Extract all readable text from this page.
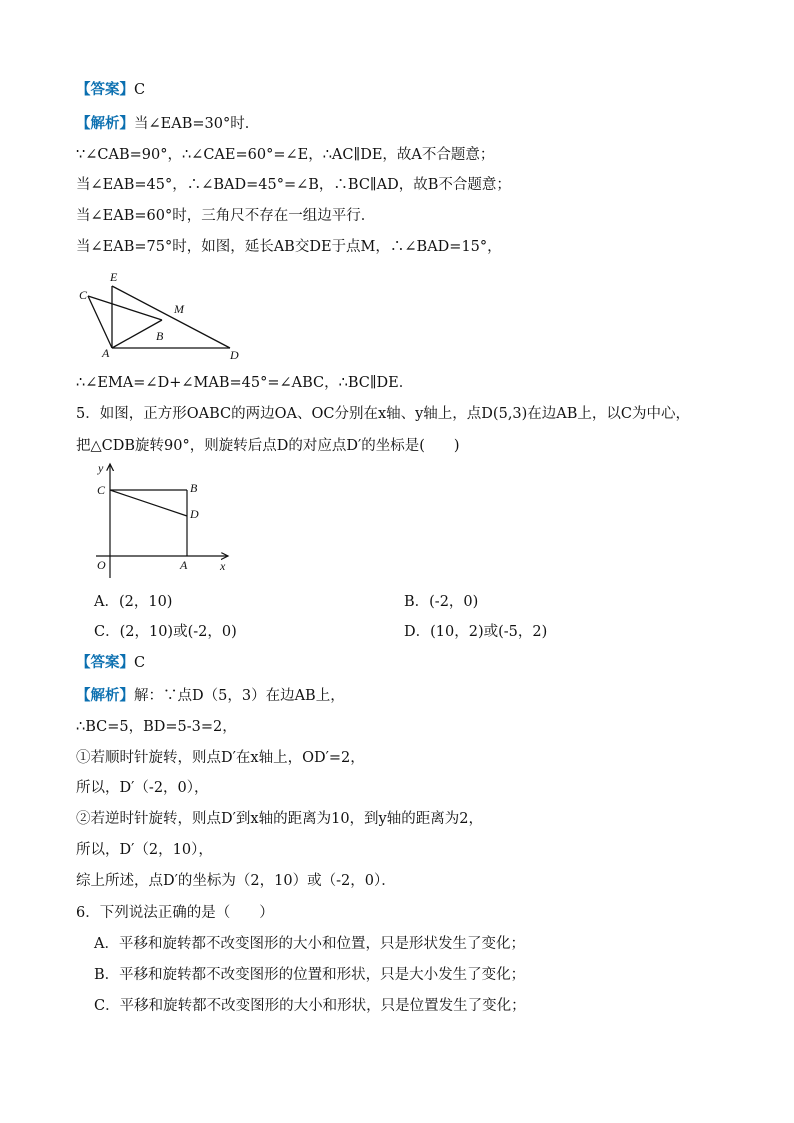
【答案】C
【解析】当∠EAB=30°时．
∵∠CAB=90°，∴∠CAE=60°=∠E，∴AC∥DE，故A不合题意；
当∠EAB=45°，∴∠BAD=45°=∠B，∴BC∥AD，故B不合题意；
当∠EAB=60°时，三角尺不存在一组边平行．
当∠EAB=75°时，如图，延长AB交DE于点M，∴∠BAD=15°，
E
C
M
B
A	D
∴∠EMA=∠D+∠MAB=45°=∠ABC，∴BC∥DE．
5．如图，正方形OABC的两边OA、OC分别在x轴、y轴上，点D(5,3)在边AB上，以C为中心，
把△CDB旋转90°，则旋转后点D的对应点D′的坐标是(　　)
y
x
O	A
B
D
C
A．(2，10)	B．(-2，0)
C．(2，10)或(-2，0)	D．(10，2)或(-5，2)
【答案】C
【解析】解：∵点D（5，3）在边AB上，
∴BC=5，BD=5-3=2，
①若顺时针旋转，则点D′在x轴上，OD′=2，
所以，D′（-2，0），
②若逆时针旋转，则点D′到x轴的距离为10，到y轴的距离为2，
所以，D′（2，10），
综上所述，点D′的坐标为（2，10）或（-2，0）．
6．下列说法正确的是（　　）
A．平移和旋转都不改变图形的大小和位置，只是形状发生了变化；
B．平移和旋转都不改变图形的位置和形状，只是大小发生了变化；
C．平移和旋转都不改变图形的大小和形状，只是位置发生了变化；
